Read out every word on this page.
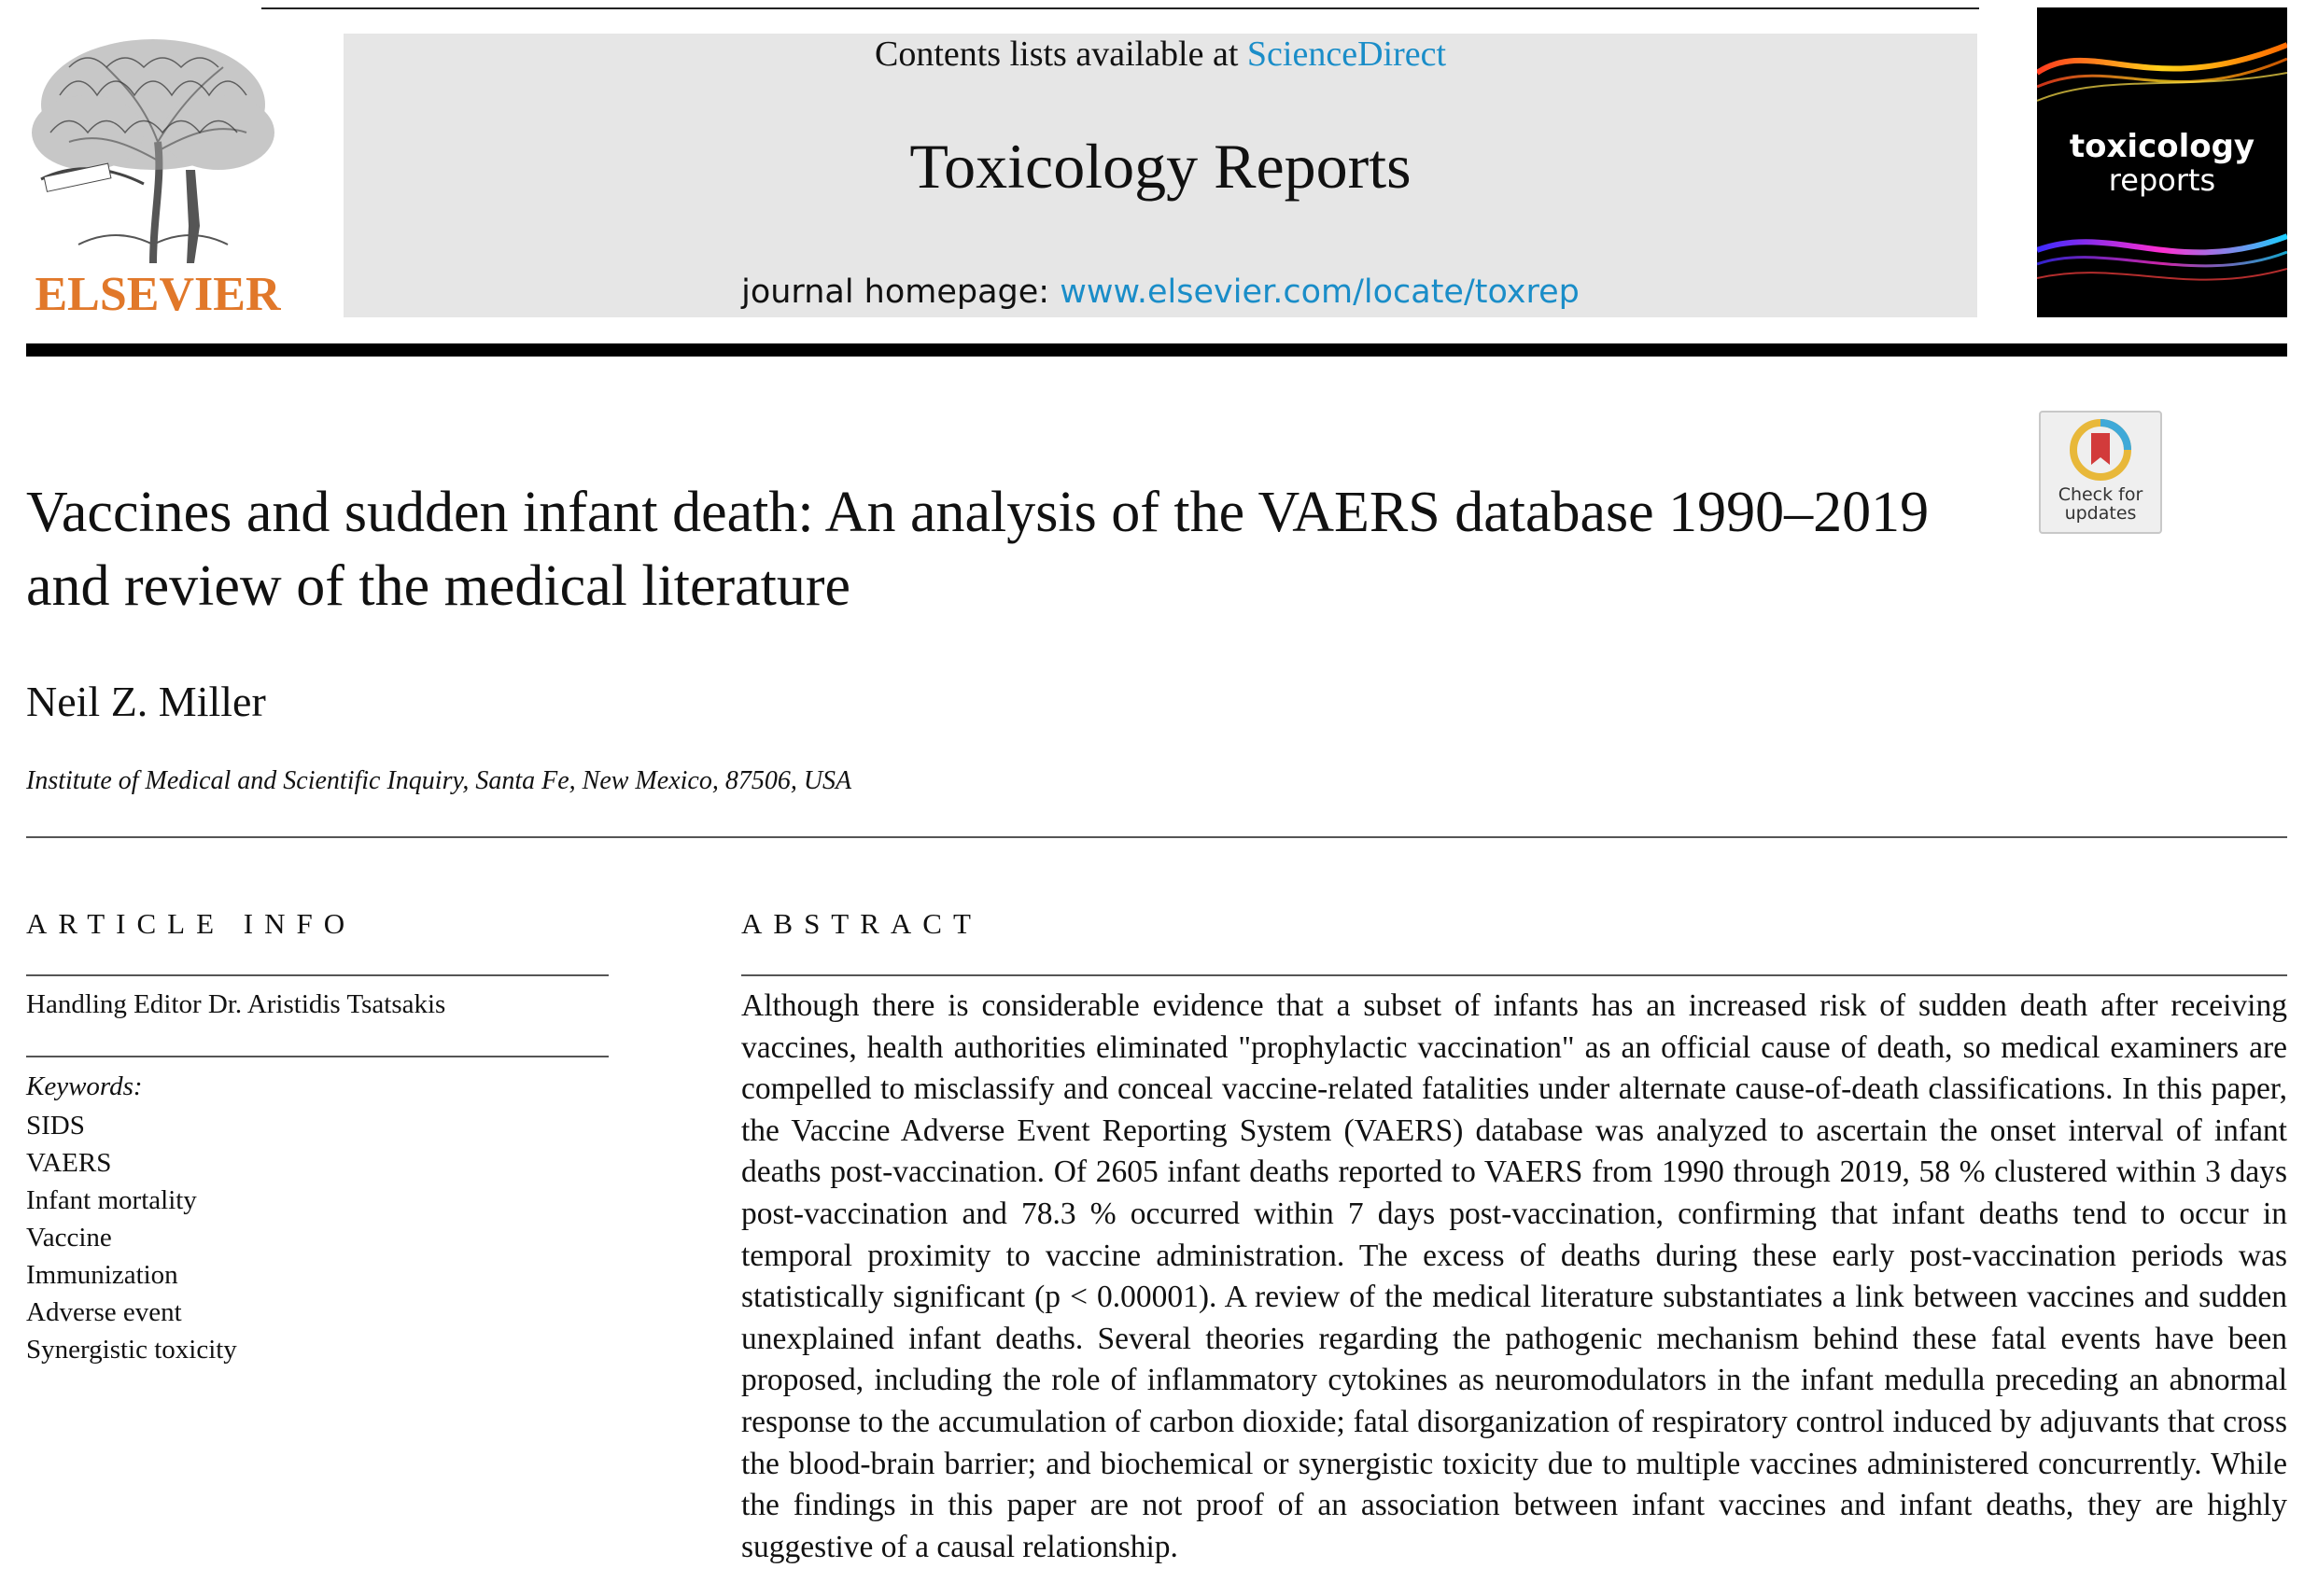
ELSEVIER
Contents lists available at ScienceDirect
Toxicology Reports
journal homepage: www.elsevier.com/locate/toxrep
toxicology
reports
Check for updates
Vaccines and sudden infant death: An analysis of the VAERS database 1990–2019 and review of the medical literature
Neil Z. Miller
Institute of Medical and Scientific Inquiry, Santa Fe, New Mexico, 87506, USA
ARTICLE INFO
Handling Editor Dr. Aristidis Tsatsakis
Keywords:
SIDS
VAERS
Infant mortality
Vaccine
Immunization
Adverse event
Synergistic toxicity
ABSTRACT

Although there is considerable evidence that a subset of infants has an increased risk of sudden death after receiving vaccines, health authorities eliminated "prophylactic vaccination" as an official cause of death, so medical examiners are compelled to misclassify and conceal vaccine-related fatalities under alternate cause-of-death classifications. In this paper, the Vaccine Adverse Event Reporting System (VAERS) database was analyzed to ascertain the onset interval of infant deaths post-vaccination. Of 2605 infant deaths reported to VAERS from 1990 through 2019, 58 % clustered within 3 days post-vaccination and 78.3 % occurred within 7 days post-vaccination, confirming that infant deaths tend to occur in temporal proximity to vaccine administration. The excess of deaths during these early post-vaccination periods was statistically significant (p < 0.00001). A review of the medical literature substantiates a link between vaccines and sudden unexplained infant deaths. Several theories regarding the pathogenic mechanism behind these fatal events have been proposed, including the role of inflammatory cytokines as neuromodulators in the infant medulla preceding an abnormal response to the accumulation of carbon dioxide; fatal disorganization of respiratory control induced by adjuvants that cross the blood-brain barrier; and biochemical or synergistic toxicity due to multiple vaccines administered concurrently. While the findings in this paper are not proof of an association between infant vaccines and infant deaths, they are highly suggestive of a causal relationship.
